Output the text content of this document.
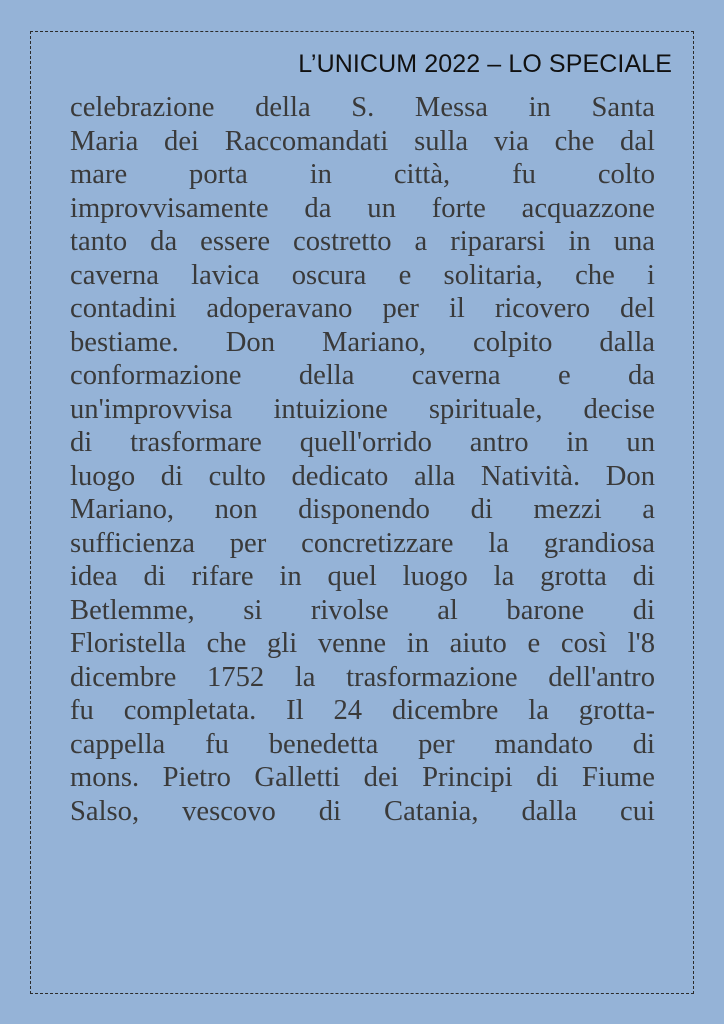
L’UNICUM 2022 – LO SPECIALE
celebrazione della S. Messa in Santa
Maria dei Raccomandati sulla via che dal
mare porta in città, fu colto
improvvisamente da un forte acquazzone
tanto da essere costretto a ripararsi in una
caverna lavica oscura e solitaria, che i
contadini adoperavano per il ricovero del
bestiame. Don Mariano, colpito dalla
conformazione della caverna e da
un'improvvisa intuizione spirituale, decise
di trasformare quell'orrido antro in un
luogo di culto dedicato alla Natività. Don
Mariano, non disponendo di mezzi a
sufficienza per concretizzare la grandiosa
idea di rifare in quel luogo la grotta di
Betlemme, si rivolse al barone di
Floristella che gli venne in aiuto e così l'8
dicembre 1752 la trasformazione dell'antro
fu completata. Il 24 dicembre la grotta-
cappella fu benedetta per mandato di
mons. Pietro Galletti dei Principi di Fiume
Salso, vescovo di Catania, dalla cui
